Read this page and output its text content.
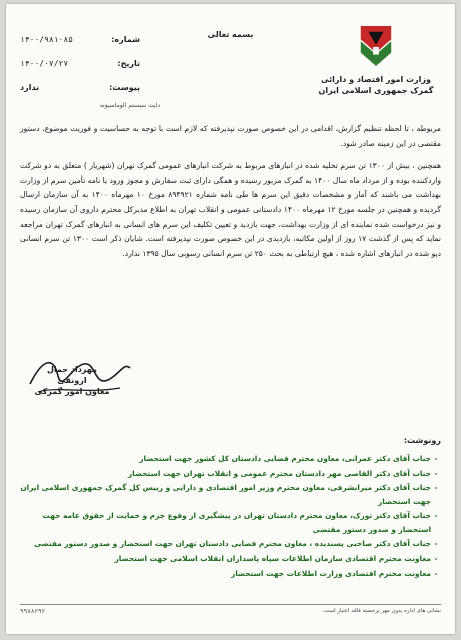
بسمه تعالی
وزارت امور اقتصاد و دارائی
گمرک جمهوری اسلامی ایران
شماره:
۱۴۰۰/۹۸۱۰۸۵
تاریخ:
۱۴۰۰/۰۷/۲۷
پیوست:
ندارد
دایت سیستم الوماسیونه

مربوطه ، تا لحظه تنظیم گزارش، اقدامی در این خصوص صورت نپذیرفته که لازم است با توجه به حساسیت و فوریت موضوع، دستور مقتضی در این زمینه صادر شود.

همچنین ، بیش از ۱۳۰۰ تن سرم تخلیه شده در انبارهای مربوط به شرکت انبارهای عمومی گمرک تهران (شهریار ) متعلق به دو شرکت واردکننده بوده و از مرداد ماه سال ۱۴۰۰ به گمرک مزبور رسیده و همگی دارای ثبت سفارش و مجوز ورود یا نامه تأمین سرم از وزارت بهداشت می باشند که آمار و مشخصات دقیق این سرم ها طی نامه شماره ۸۹۴۹۲۱ مورخ ۱۰ مهرماه ۱۴۰۰ به آن سازمان ارسال گردیده و همچنین در جلسه مورخ ۱۲ مهرماه ۱۴۰۰ دادستانی عمومی و انقلاب تهران به اطلاع مدیرکل محترم داروی آن سازمان رسیده و نیز درخواست شده نماینده ای از وزارت بهداشت، جهت بازدید و تعیین تکلیف این سرم های انسانی به انبارهای گمرک تهران مراجعه نماید که پس از گذشت ۱۷ روز از اولین مکاتبه، بازدیدی در این خصوص صورت نپذیرفته است. شایان ذکر است ۱۳۰۰ تن سرم انسانی دپو شده در انبارهای اشاره شده ، هیچ ارتباطی به بحث ۲۵۰ تن سرم انسانی رسوبی سال ۱۳۹۵ ندارد.

مهرداد جمال ارونقی
معاون امور گمرکی
رونوشت:
-
جناب آقای دکتر عمرانی، معاون محترم قضایی دادستان کل کشور جهت استحضار
-
جناب آقای دکتر القاصی مهر دادستان محترم عمومی و انقلاب تهران جهت استحضار
-
جناب آقای دکتر میرانشرفی، معاون محترم وزیر امور اقتصادی و دارایی و رییس کل گمرک جمهوری اسلامی ایران جهت استحضار
-
جناب آقای دکتر تورک، معاون محترم دادستان تهران در پیشگیری از وقوع جرم و حمایت از حقوق عامه جهت استحضار و صدور دستور مقتضی
-
جناب آقای دکتر صاحبی پسندیده ، معاون محترم قضایی دادستان تهران جهت استحضار و صدور دستور مقتضی
-
معاونت محترم اقتصادی سازمان اطلاعات سپاه پاسداران انقلاب اسلامی جهت استحضار
-
معاونت محترم اقتصادی وزارت اطلاعات جهت استحضار
نشانی های اداره بدون مهر برجسته فاقد اعتبار است.
۹۹۸۸۲۹۲
